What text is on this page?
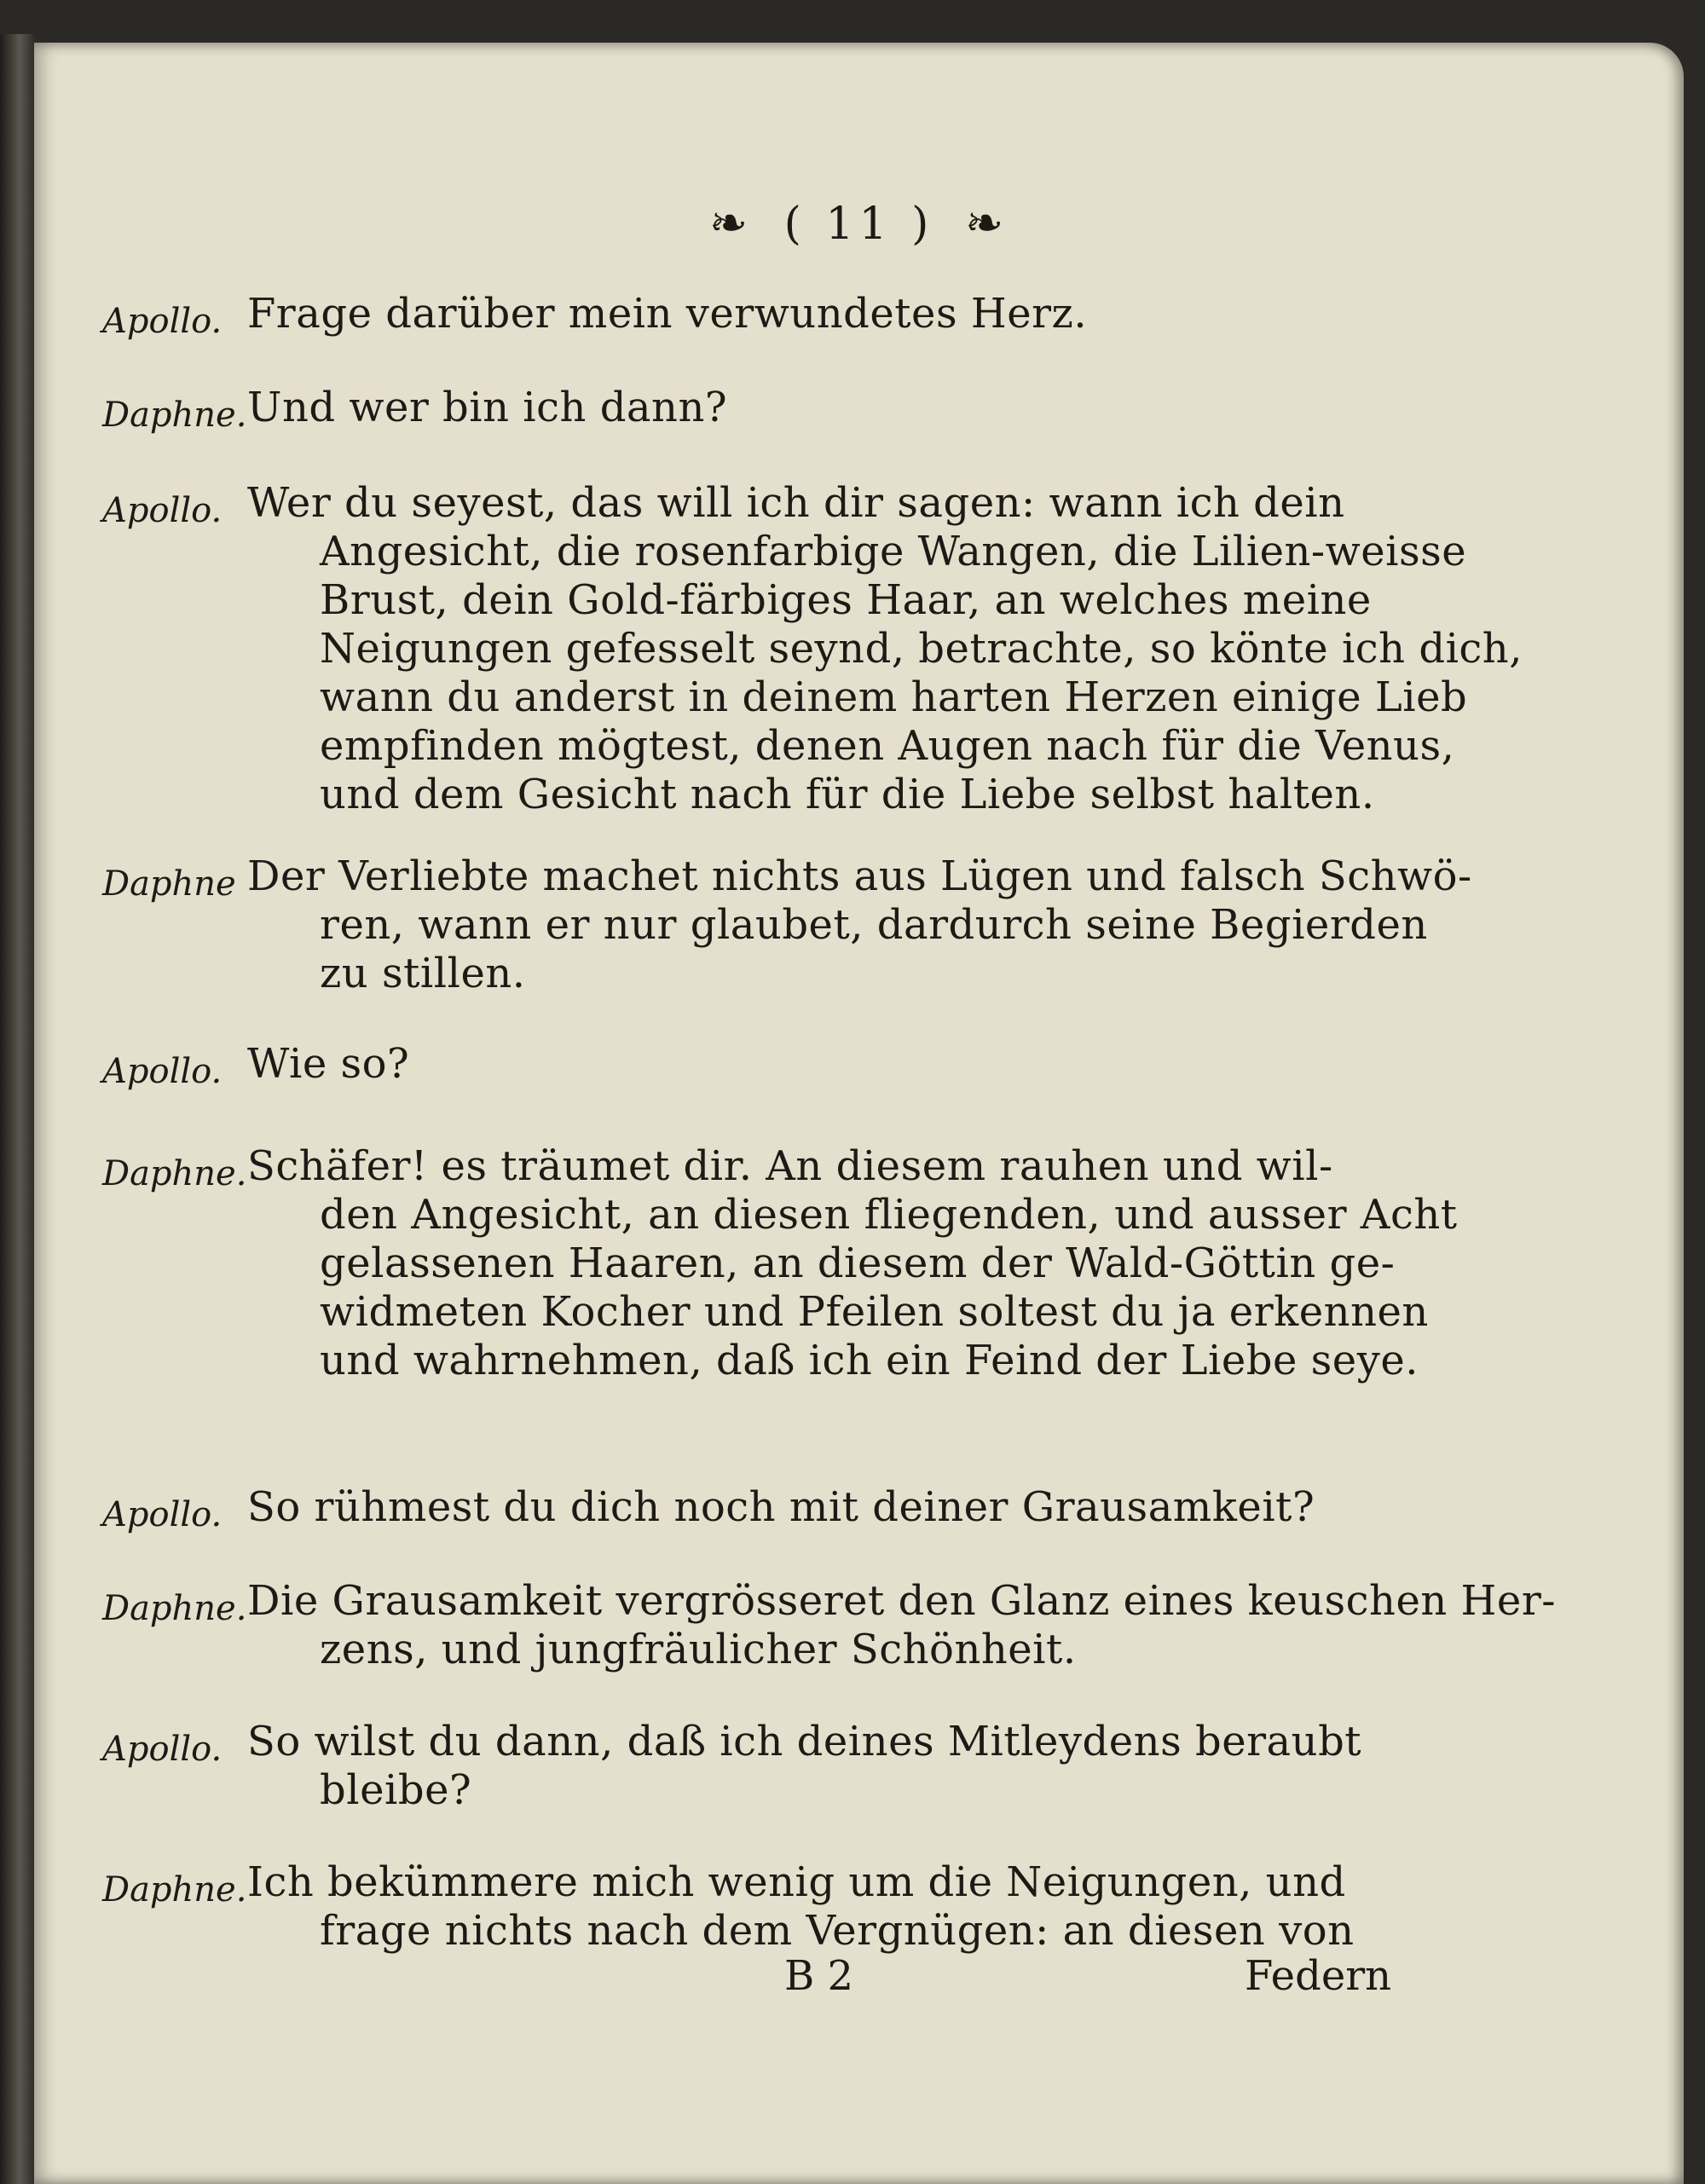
❧ ( 11 ) ❧
Apollo. Frage darüber mein verwundetes Herz.
Daphne. Und wer bin ich dann?
Apollo. Wer du seyest, das will ich dir sagen: wann ich dein
Angesicht, die rosenfarbige Wangen, die Lilien-weisse
Brust, dein Gold-färbiges Haar, an welches meine
Neigungen gefesselt seynd, betrachte, so könte ich dich,
wann du anderst in deinem harten Herzen einige Lieb
empfinden mögtest, denen Augen nach für die Venus,
und dem Gesicht nach für die Liebe selbst halten.
Daphne Der Verliebte machet nichts aus Lügen und falsch Schwö-
ren, wann er nur glaubet, dardurch seine Begierden
zu stillen.
Apollo. Wie so?
Daphne. Schäfer! es träumet dir. An diesem rauhen und wil-
den Angesicht, an diesen fliegenden, und ausser Acht
gelassenen Haaren, an diesem der Wald-Göttin ge-
widmeten Kocher und Pfeilen soltest du ja erkennen
und wahrnehmen, daß ich ein Feind der Liebe seye.
Apollo. So rühmest du dich noch mit deiner Grausamkeit?
Daphne. Die Grausamkeit vergrösseret den Glanz eines keuschen Her-
zens, und jungfräulicher Schönheit.
Apollo. So wilst du dann, daß ich deines Mitleydens beraubt
bleibe?
Daphne. Ich bekümmere mich wenig um die Neigungen, und
frage nichts nach dem Vergnügen: an diesen von
B 2	Federn
